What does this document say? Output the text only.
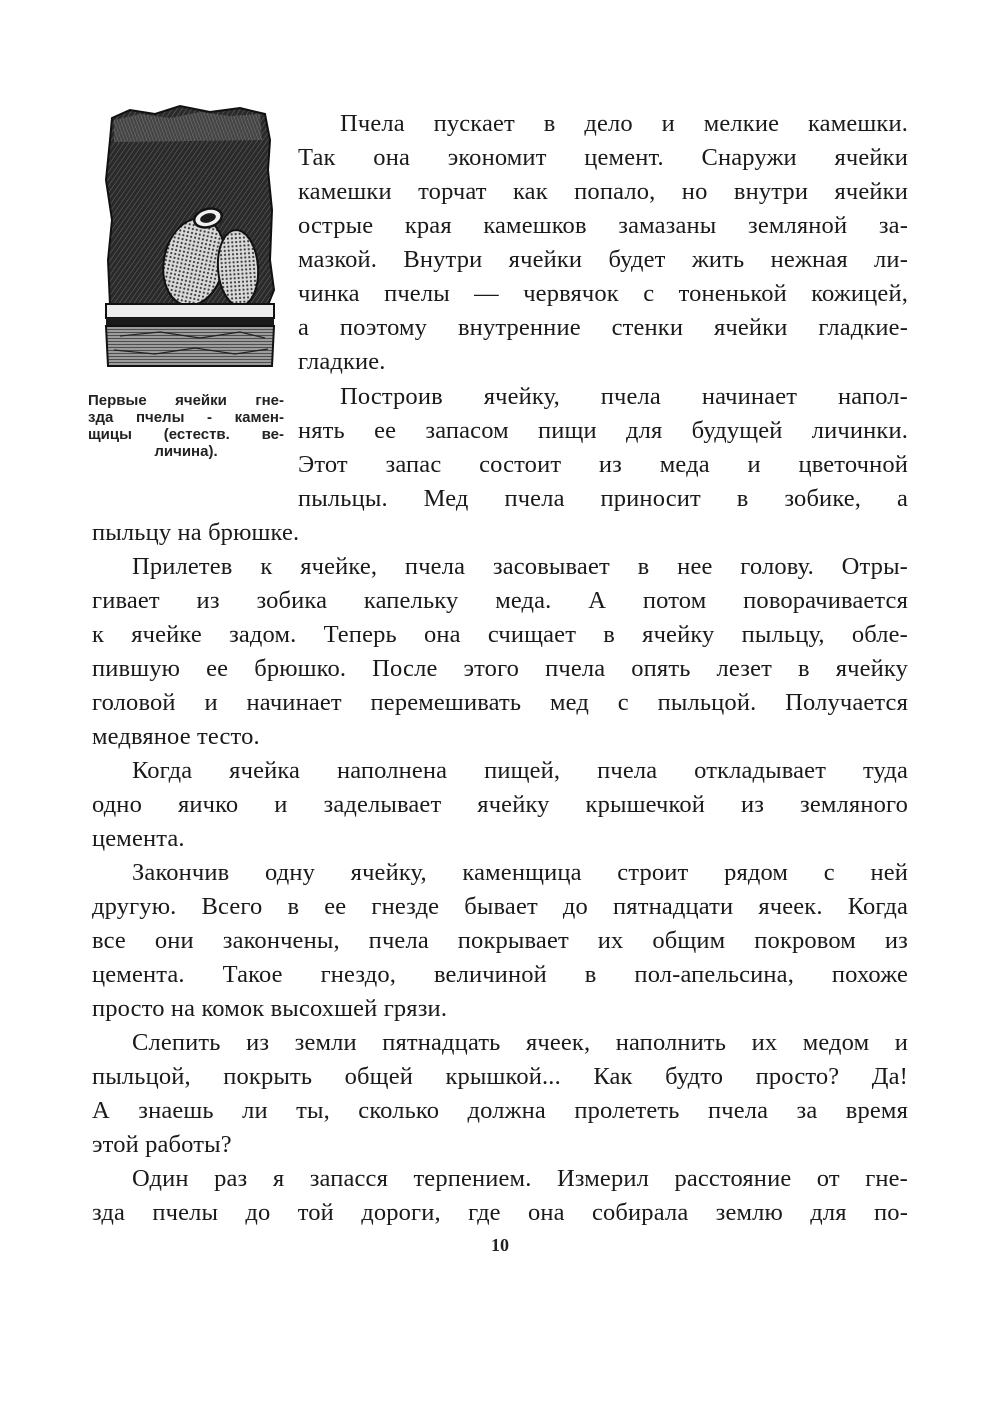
Первые ячейки гне-
зда пчелы - камен-
щицы (естеств. ве-
личина).
Пчела пускает в дело и мелкие камешки.
Так она экономит цемент. Снаружи ячейки
камешки торчат как попало, но внутри ячейки
острые края камешков замазаны земляной за-
мазкой. Внутри ячейки будет жить нежная ли-
чинка пчелы — червячок с тоненькой кожицей,
а поэтому внутренние стенки ячейки гладкие-
гладкие.
Построив ячейку, пчела начинает напол-
нять ее запасом пищи для будущей личинки.
Этот запас состоит из меда и цветочной
пыльцы. Мед пчела приносит в зобике, а
пыльцу на брюшке.
Прилетев к ячейке, пчела засовывает в нее голову. Отры-
гивает из зобика капельку меда. А потом поворачивается
к ячейке задом. Теперь она счищает в ячейку пыльцу, обле-
пившую ее брюшко. После этого пчела опять лезет в ячейку
головой и начинает перемешивать мед с пыльцой. Получается
медвяное тесто.
Когда ячейка наполнена пищей, пчела откладывает туда
одно яичко и заделывает ячейку крышечкой из земляного
цемента.
Закончив одну ячейку, каменщица строит рядом с ней
другую. Всего в ее гнезде бывает до пятнадцати ячеек. Когда
все они закончены, пчела покрывает их общим покровом из
цемента. Такое гнездо, величиной в пол-апельсина, похоже
просто на комок высохшей грязи.
Слепить из земли пятнадцать ячеек, наполнить их медом и
пыльцой, покрыть общей крышкой... Как будто просто? Да!
А знаешь ли ты, сколько должна пролететь пчела за время
этой работы?
Один раз я запасся терпением. Измерил расстояние от гне-
зда пчелы до той дороги, где она собирала землю для по-
10
